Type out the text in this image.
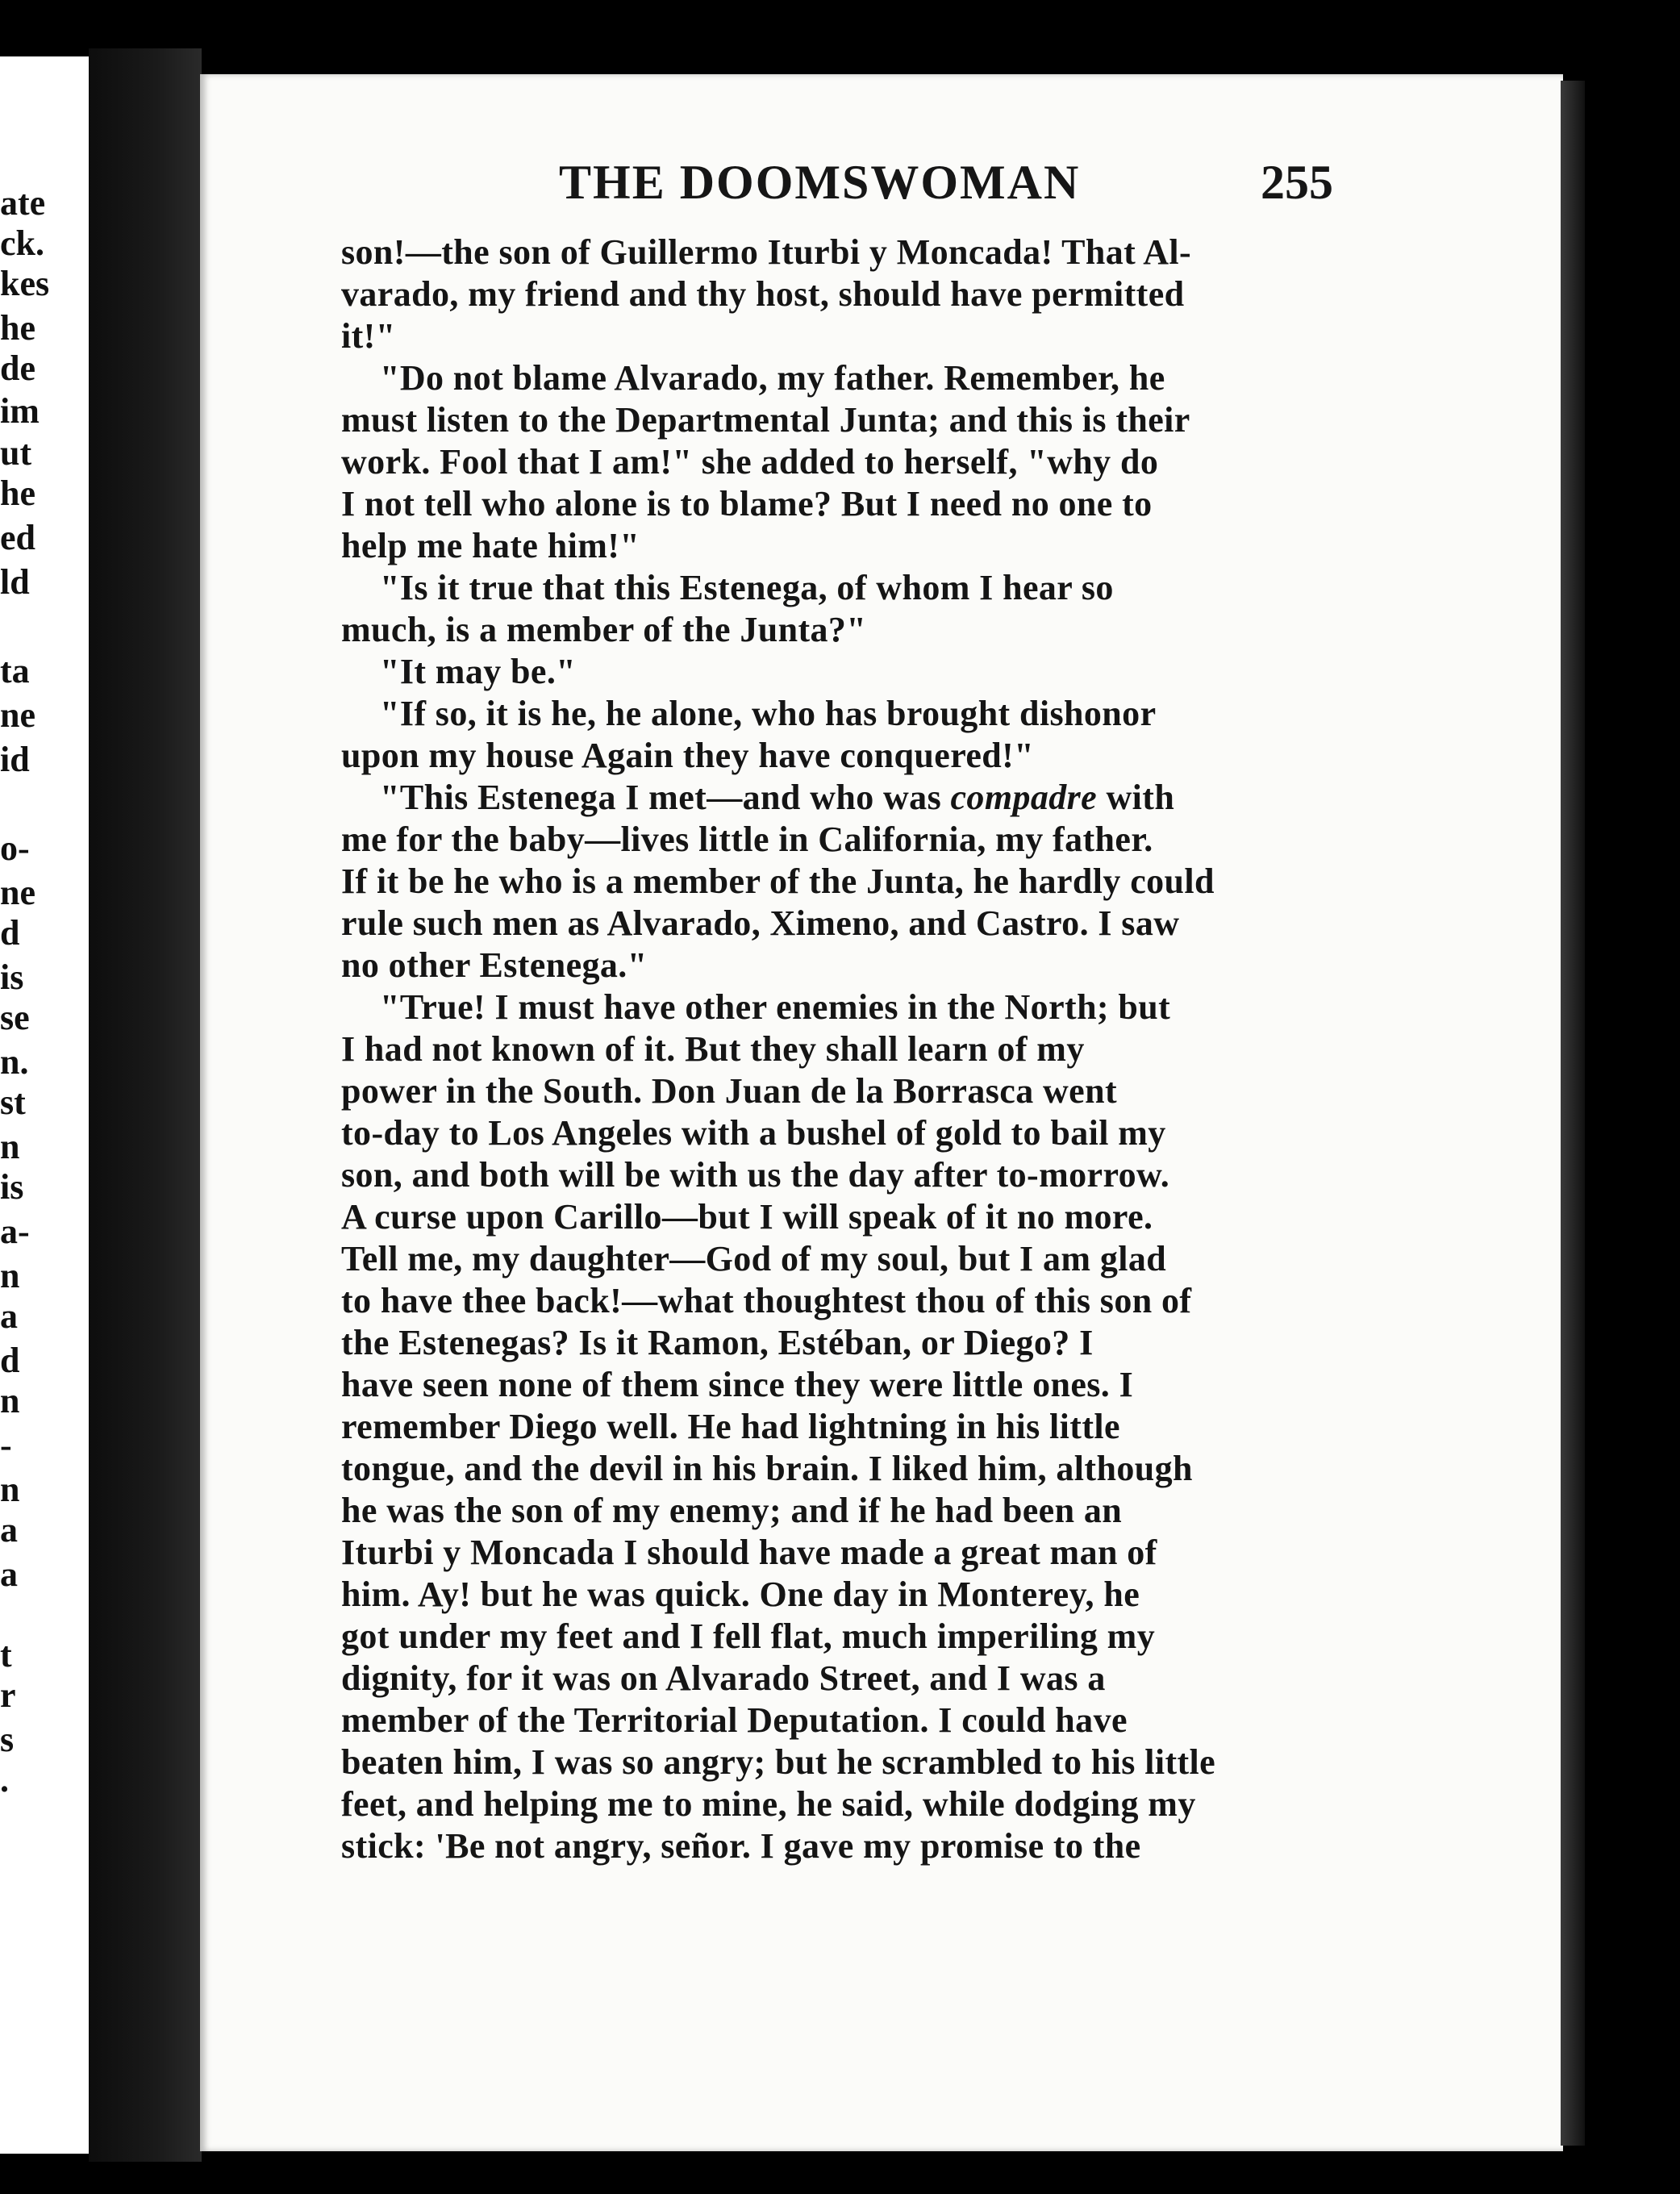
ate
ck.
kes
he
de
im
ut
he
ed
ld
ta
ne
id
o-
ne
d
is
se
n.
st
n
is
a-
n
a
d
n
-
n
a
a
t
r
s
.
THE DOOMSWOMAN	255
son!—the son of Guillermo Iturbi y Moncada! That Al-
varado, my friend and thy host, should have permitted
it!"
"Do not blame Alvarado, my father. Remember, he
must listen to the Departmental Junta; and this is their
work. Fool that I am!" she added to herself, "why do
I not tell who alone is to blame? But I need no one to
help me hate him!"
"Is it true that this Estenega, of whom I hear so
much, is a member of the Junta?"
"It may be."
"If so, it is he, he alone, who has brought dishonor
upon my house Again they have conquered!"
"This Estenega I met—and who was compadre with
me for the baby—lives little in California, my father.
If it be he who is a member of the Junta, he hardly could
rule such men as Alvarado, Ximeno, and Castro. I saw
no other Estenega."
"True! I must have other enemies in the North; but
I had not known of it. But they shall learn of my
power in the South. Don Juan de la Borrasca went
to-day to Los Angeles with a bushel of gold to bail my
son, and both will be with us the day after to-morrow.
A curse upon Carillo—but I will speak of it no more.
Tell me, my daughter—God of my soul, but I am glad
to have thee back!—what thoughtest thou of this son of
the Estenegas? Is it Ramon, Estéban, or Diego? I
have seen none of them since they were little ones. I
remember Diego well. He had lightning in his little
tongue, and the devil in his brain. I liked him, although
he was the son of my enemy; and if he had been an
Iturbi y Moncada I should have made a great man of
him. Ay! but he was quick. One day in Monterey, he
got under my feet and I fell flat, much imperiling my
dignity, for it was on Alvarado Street, and I was a
member of the Territorial Deputation. I could have
beaten him, I was so angry; but he scrambled to his little
feet, and helping me to mine, he said, while dodging my
stick: 'Be not angry, señor. I gave my promise to the
